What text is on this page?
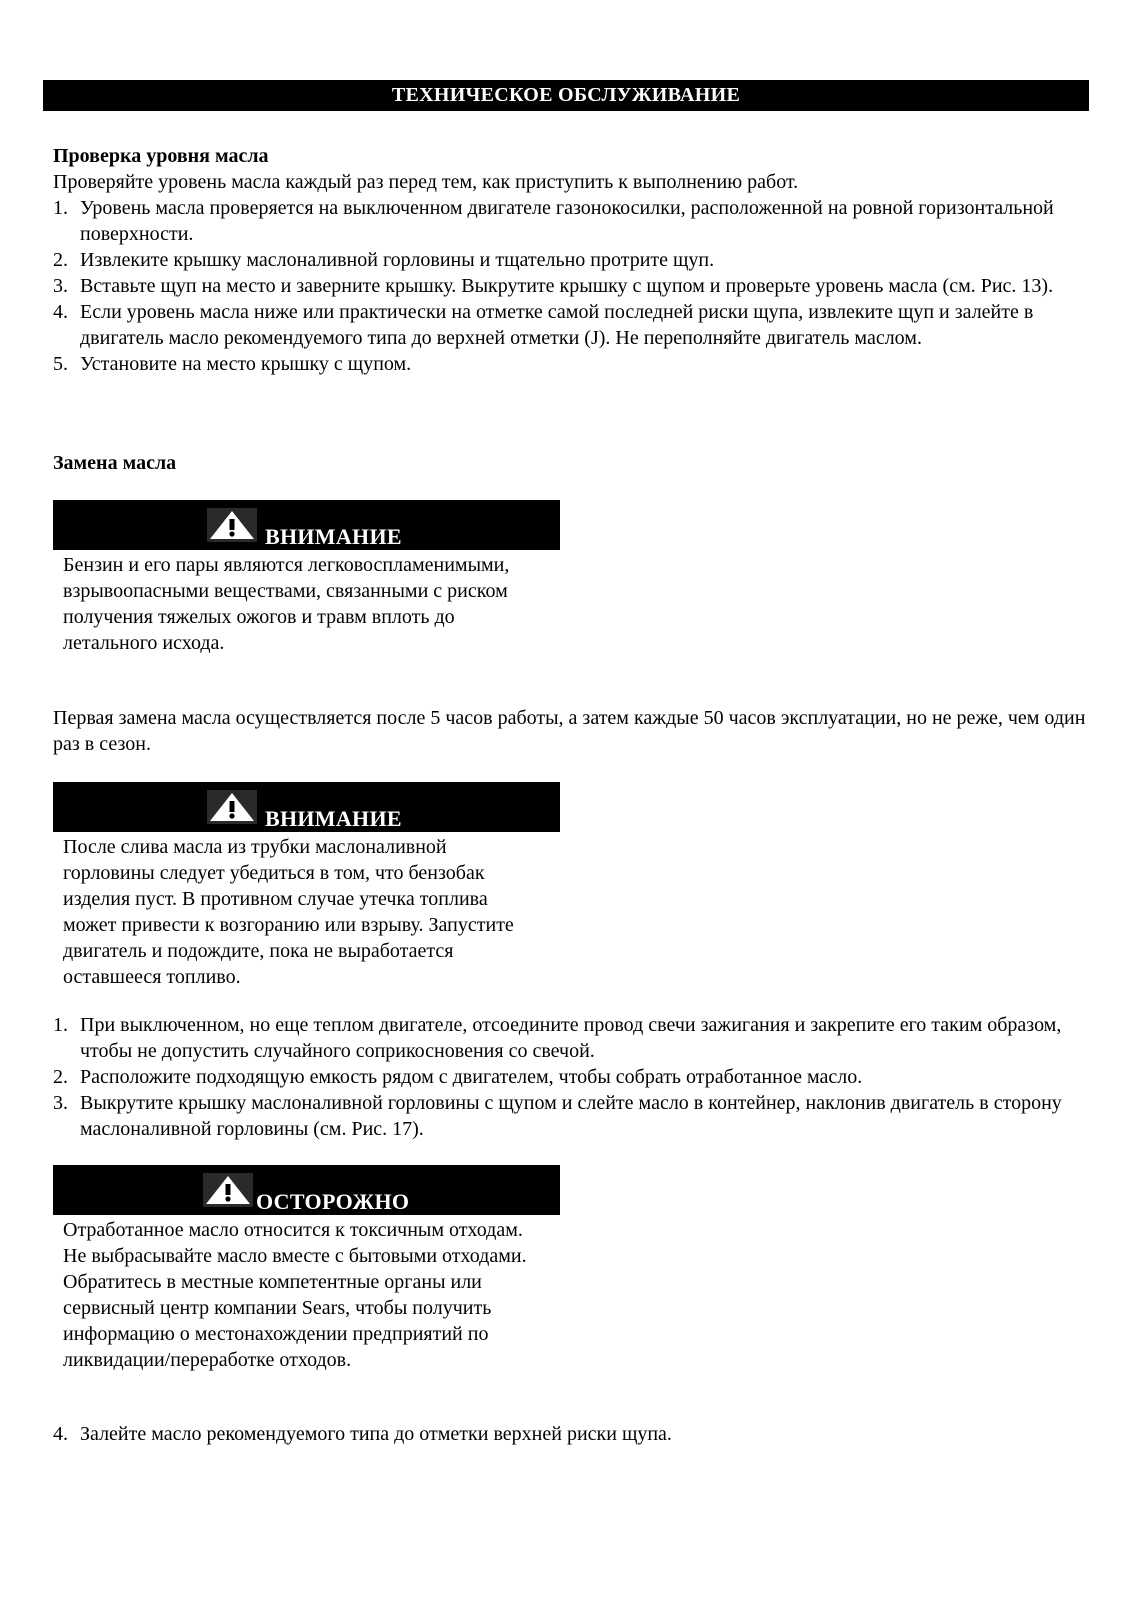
ТЕХНИЧЕСКОЕ ОБСЛУЖИВАНИЕ

Проверка уровня масла

Проверяйте уровень масла каждый раз перед тем, как приступить к выполнению работ.

1. Уровень масла проверяется на выключенном двигателе газонокосилки, расположенной на ровной горизонтальной поверхности.
2. Извлеките крышку маслоналивной горловины и тщательно протрите щуп.
3. Вставьте щуп на место и заверните крышку. Выкрутите крышку с щупом и проверьте уровень масла (см. Рис. 13).
4. Если уровень масла ниже или практически на отметке самой последней риски щупа, извлеките щуп и залейте в двигатель масло рекомендуемого типа до верхней отметки (J). Не переполняйте двигатель маслом.
5. Установите на место крышку с щупом.

Замена масла

ВНИМАНИЕ

Бензин и его пары являются легковоспламенимыми, взрывоопасными веществами, связанными с риском получения тяжелых ожогов и травм вплоть до летального исхода.

Первая замена масла осуществляется после 5 часов работы, а затем каждые 50 часов эксплуатации, но не реже, чем один раз в сезон.

ВНИМАНИЕ

После слива масла из трубки маслоналивной горловины следует убедиться в том, что бензобак изделия пуст. В противном случае утечка топлива может привести к возгоранию или взрыву. Запустите двигатель и подождите, пока не выработается оставшееся топливо.

1. При выключенном, но еще теплом двигателе, отсоедините провод свечи зажигания и закрепите его таким образом, чтобы не допустить случайного соприкосновения со свечой.
2. Расположите подходящую емкость рядом с двигателем, чтобы собрать отработанное масло.
3. Выкрутите крышку маслоналивной горловины с щупом и слейте масло в контейнер, наклонив двигатель в сторону маслоналивной горловины (см. Рис. 17).
ОСТОРОЖНО

Отработанное масло относится к токсичным отходам. Не выбрасывайте масло вместе с бытовыми отходами. Обратитесь в местные компетентные органы или сервисный центр компании Sears, чтобы получить информацию о местонахождении предприятий по ликвидации/переработке отходов.

4. Залейте масло рекомендуемого типа до отметки верхней риски щупа.
